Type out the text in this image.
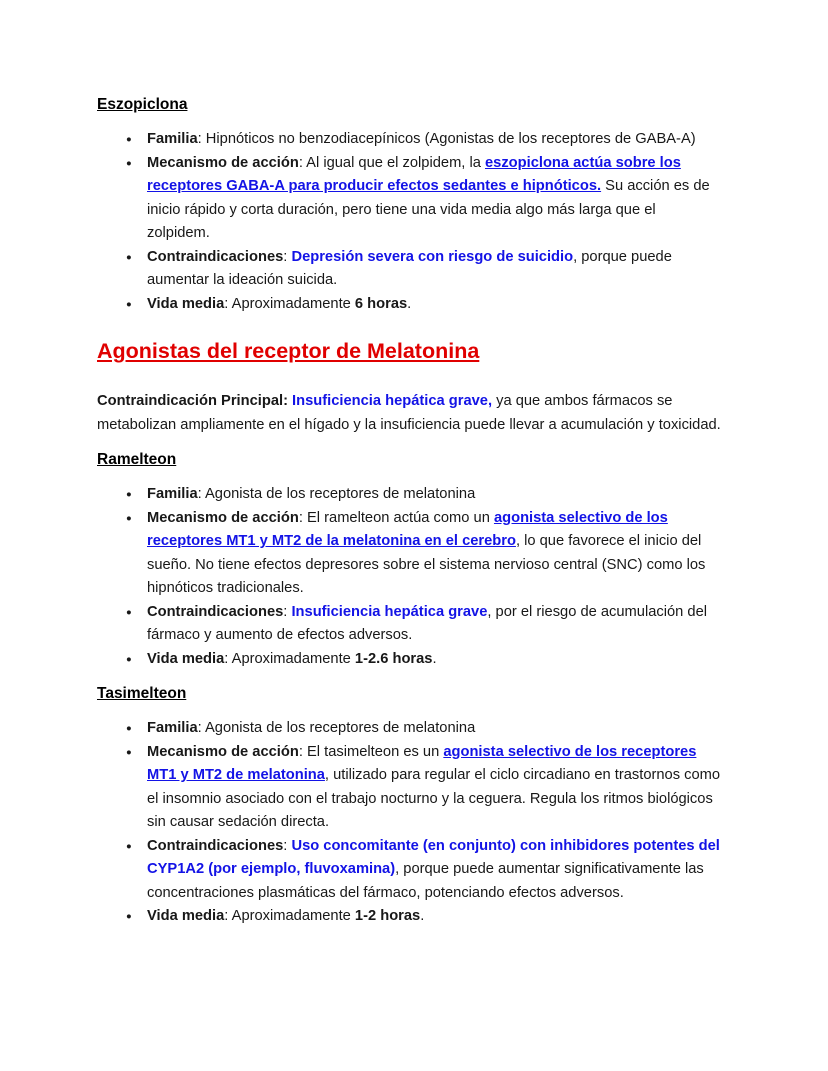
Eszopiclona
● Familia: Hipnóticos no benzodiacepínicos (Agonistas de los receptores de GABA-A)
● Mecanismo de acción: Al igual que el zolpidem, la eszopiclona actúa sobre los receptores GABA-A para producir efectos sedantes e hipnóticos. Su acción es de inicio rápido y corta duración, pero tiene una vida media algo más larga que el zolpidem.
● Contraindicaciones: Depresión severa con riesgo de suicidio, porque puede aumentar la ideación suicida.
● Vida media: Aproximadamente 6 horas.
Agonistas del receptor de Melatonina

Contraindicación Principal: Insuficiencia hepática grave, ya que ambos fármacos se metabolizan ampliamente en el hígado y la insuficiencia puede llevar a acumulación y toxicidad.

Ramelteon
● Familia: Agonista de los receptores de melatonina
● Mecanismo de acción: El ramelteon actúa como un agonista selectivo de los receptores MT1 y MT2 de la melatonina en el cerebro, lo que favorece el inicio del sueño. No tiene efectos depresores sobre el sistema nervioso central (SNC) como los hipnóticos tradicionales.
● Contraindicaciones: Insuficiencia hepática grave, por el riesgo de acumulación del fármaco y aumento de efectos adversos.
● Vida media: Aproximadamente 1-2.6 horas.
Tasimelteon
● Familia: Agonista de los receptores de melatonina
● Mecanismo de acción: El tasimelteon es un agonista selectivo de los receptores MT1 y MT2 de melatonina, utilizado para regular el ciclo circadiano en trastornos como el insomnio asociado con el trabajo nocturno y la ceguera. Regula los ritmos biológicos sin causar sedación directa.
● Contraindicaciones: Uso concomitante (en conjunto) con inhibidores potentes del CYP1A2 (por ejemplo, fluvoxamina), porque puede aumentar significativamente las concentraciones plasmáticas del fármaco, potenciando efectos adversos.
● Vida media: Aproximadamente 1-2 horas.
